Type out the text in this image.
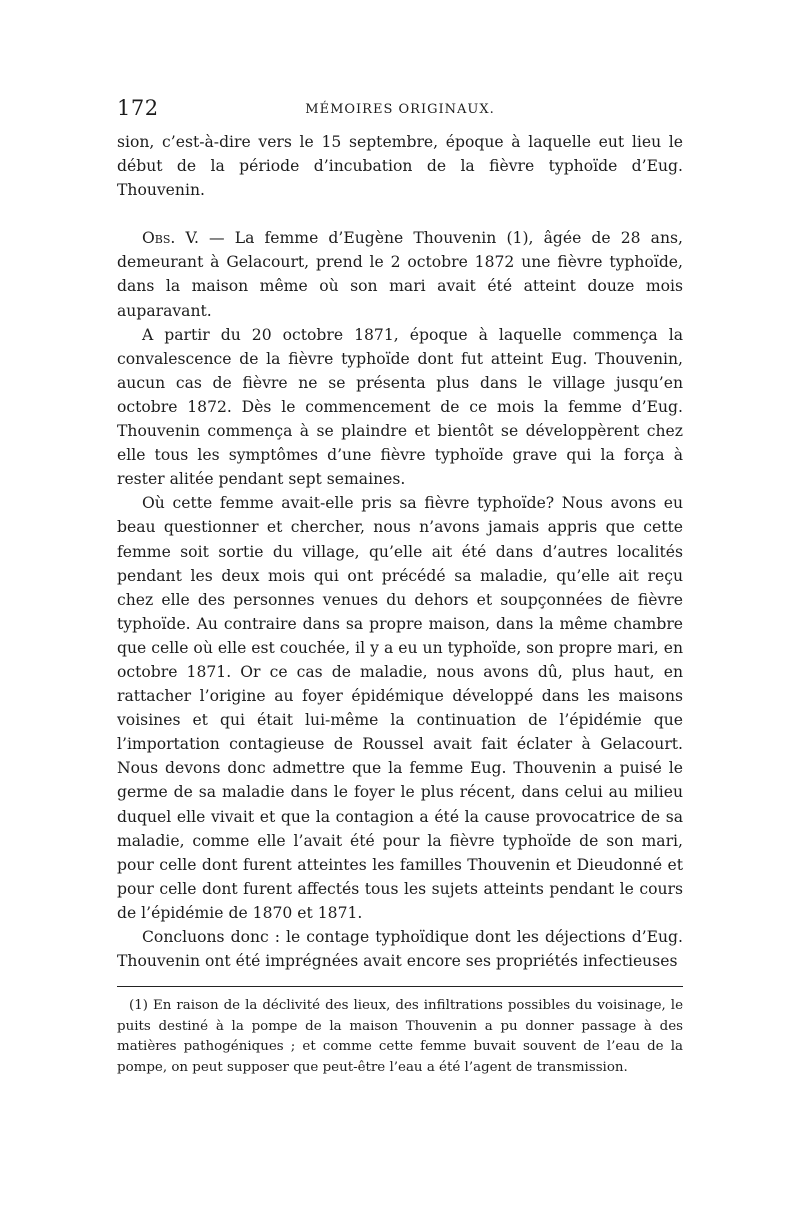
172	MÉMOIRES ORIGINAUX.

sion, c’est-à-dire vers le 15 septembre, époque à laquelle eut lieu le début de la période d’incubation de la fièvre typhoïde d’Eug. Thouvenin.

Obs. V. — La femme d’Eugène Thouvenin (1), âgée de 28 ans, demeurant à Gelacourt, prend le 2 octobre 1872 une fièvre typhoïde, dans la maison même où son mari avait été atteint douze mois auparavant.

A partir du 20 octobre 1871, époque à laquelle commença la convalescence de la fièvre typhoïde dont fut atteint Eug. Thouvenin, aucun cas de fièvre ne se présenta plus dans le village jusqu’en octobre 1872. Dès le commencement de ce mois la femme d’Eug. Thouvenin commença à se plaindre et bientôt se développèrent chez elle tous les symptômes d’une fièvre typhoïde grave qui la força à rester alitée pendant sept semaines.

Où cette femme avait-elle pris sa fièvre typhoïde? Nous avons eu beau questionner et chercher, nous n’avons jamais appris que cette femme soit sortie du village, qu’elle ait été dans d’autres localités pendant les deux mois qui ont précédé sa maladie, qu’elle ait reçu chez elle des personnes venues du dehors et soupçonnées de fièvre typhoïde. Au contraire dans sa propre maison, dans la même chambre que celle où elle est couchée, il y a eu un typhoïde, son propre mari, en octobre 1871. Or ce cas de maladie, nous avons dû, plus haut, en rattacher l’origine au foyer épidémique développé dans les maisons voisines et qui était lui-même la continuation de l’épidémie que l’importation contagieuse de Roussel avait fait éclater à Gelacourt. Nous devons donc admettre que la femme Eug. Thouvenin a puisé le germe de sa maladie dans le foyer le plus récent, dans celui au milieu duquel elle vivait et que la contagion a été la cause provocatrice de sa maladie, comme elle l’avait été pour la fièvre typhoïde de son mari, pour celle dont furent atteintes les familles Thouvenin et Dieudonné et pour celle dont furent affectés tous les sujets atteints pendant le cours de l’épidémie de 1870 et 1871.

Concluons donc : le contage typhoïdique dont les déjections d’Eug. Thouvenin ont été imprégnées avait encore ses propriétés infectieuses

(1) En raison de la déclivité des lieux, des infiltrations possibles du voisinage, le puits destiné à la pompe de la maison Thouvenin a pu donner passage à des matières pathogéniques ; et comme cette femme buvait souvent de l’eau de la pompe, on peut supposer que peut-être l’eau a été l’agent de transmission.
